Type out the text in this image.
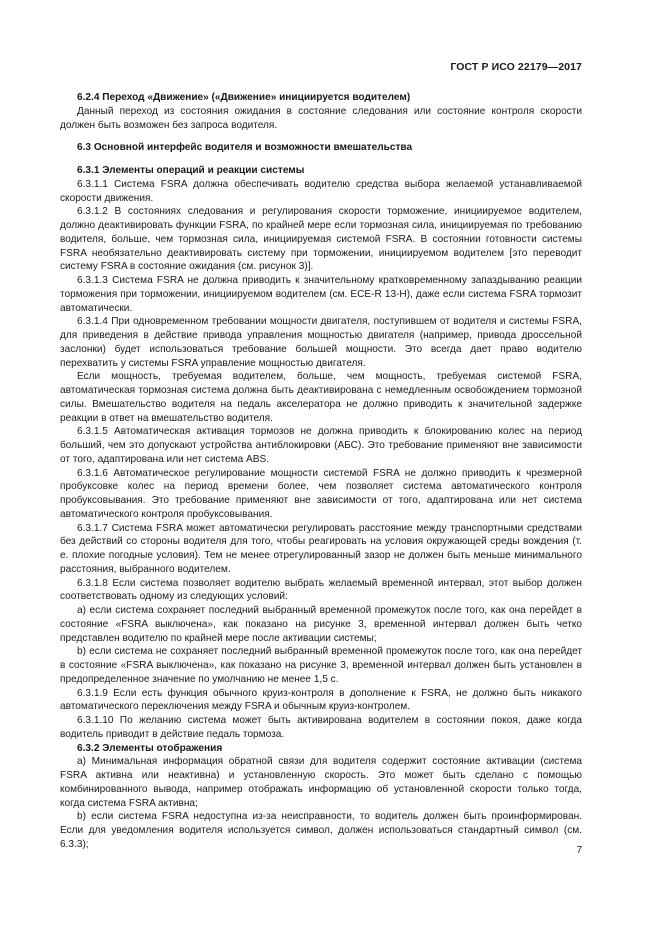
ГОСТ Р ИСО 22179—2017

6.2.4 Переход «Движение» («Движение» инициируется водителем)

Данный переход из состояния ожидания в состояние следования или состояние контроля скорости должен быть возможен без запроса водителя.

6.3 Основной интерфейс водителя и возможности вмешательства

6.3.1 Элементы операций и реакции системы

6.3.1.1 Система FSRA должна обеспечивать водителю средства выбора желаемой устанавливаемой скорости движения.

6.3.1.2 В состояниях следования и регулирования скорости торможение, инициируемое водителем, должно деактивировать функции FSRA, по крайней мере если тормозная сила, инициируемая по требованию водителя, больше, чем тормозная сила, инициируемая системой FSRA. В состоянии готовности системы FSRA необязательно деактивировать систему при торможении, инициируемом водителем [это переводит систему FSRA в состояние ожидания (см. рисунок 3)].

6.3.1.3 Система FSRA не должна приводить к значительному кратковременному запаздыванию реакции торможения при торможении, инициируемом водителем (см. ECE-R 13-H), даже если система FSRA тормозит автоматически.

6.3.1.4 При одновременном требовании мощности двигателя, поступившем от водителя и системы FSRA, для приведения в действие привода управления мощностью двигателя (например, привода дроссельной заслонки) будет использоваться требование большей мощности. Это всегда дает право водителю перехватить у системы FSRA управление мощностью двигателя.

Если мощность, требуемая водителем, больше, чем мощность, требуемая системой FSRA, автоматическая тормозная система должна быть деактивирована с немедленным освобождением тормозной силы. Вмешательство водителя на педаль акселератора не должно приводить к значительной задержке реакции в ответ на вмешательство водителя.

6.3.1.5 Автоматическая активация тормозов не должна приводить к блокированию колес на период больший, чем это допускают устройства антиблокировки (АБС). Это требование применяют вне зависимости от того, адаптирована или нет система ABS.

6.3.1.6 Автоматическое регулирование мощности системой FSRA не должно приводить к чрезмерной пробуксовке колес на период времени более, чем позволяет система автоматического контроля пробуксовывания. Это требование применяют вне зависимости от того, адаптирована или нет система автоматического контроля пробуксовывания.

6.3.1.7 Система FSRA может автоматически регулировать расстояние между транспортными средствами без действий со стороны водителя для того, чтобы реагировать на условия окружающей среды вождения (т. е. плохие погодные условия). Тем не менее отрегулированный зазор не должен быть меньше минимального расстояния, выбранного водителем.

6.3.1.8 Если система позволяет водителю выбрать желаемый временной интервал, этот выбор должен соответствовать одному из следующих условий:

а) если система сохраняет последний выбранный временной промежуток после того, как она перейдет в состояние «FSRA выключена», как показано на рисунке 3, временной интервал должен быть четко представлен водителю по крайней мере после активации системы;

b) если система не сохраняет последний выбранный временной промежуток после того, как она перейдет в состояние «FSRA выключена», как показано на рисунке 3, временной интервал должен быть установлен в предопределенное значение по умолчанию не менее 1,5 с.

6.3.1.9 Если есть функция обычного круиз-контроля в дополнение к FSRA, не должно быть никакого автоматического переключения между FSRA и обычным круиз-контролем.

6.3.1.10 По желанию система может быть активирована водителем в состоянии покоя, даже когда водитель приводит в действие педаль тормоза.

6.3.2 Элементы отображения

а) Минимальная информация обратной связи для водителя содержит состояние активации (система FSRA активна или неактивна) и установленную скорость. Это может быть сделано с помощью комбинированного вывода, например отображать информацию об установленной скорости только тогда, когда система FSRA активна;

b) если система FSRA недоступна из-за неисправности, то водитель должен быть проинформирован. Если для уведомления водителя используется символ, должен использоваться стандартный символ (см. 6.3.3);

7
